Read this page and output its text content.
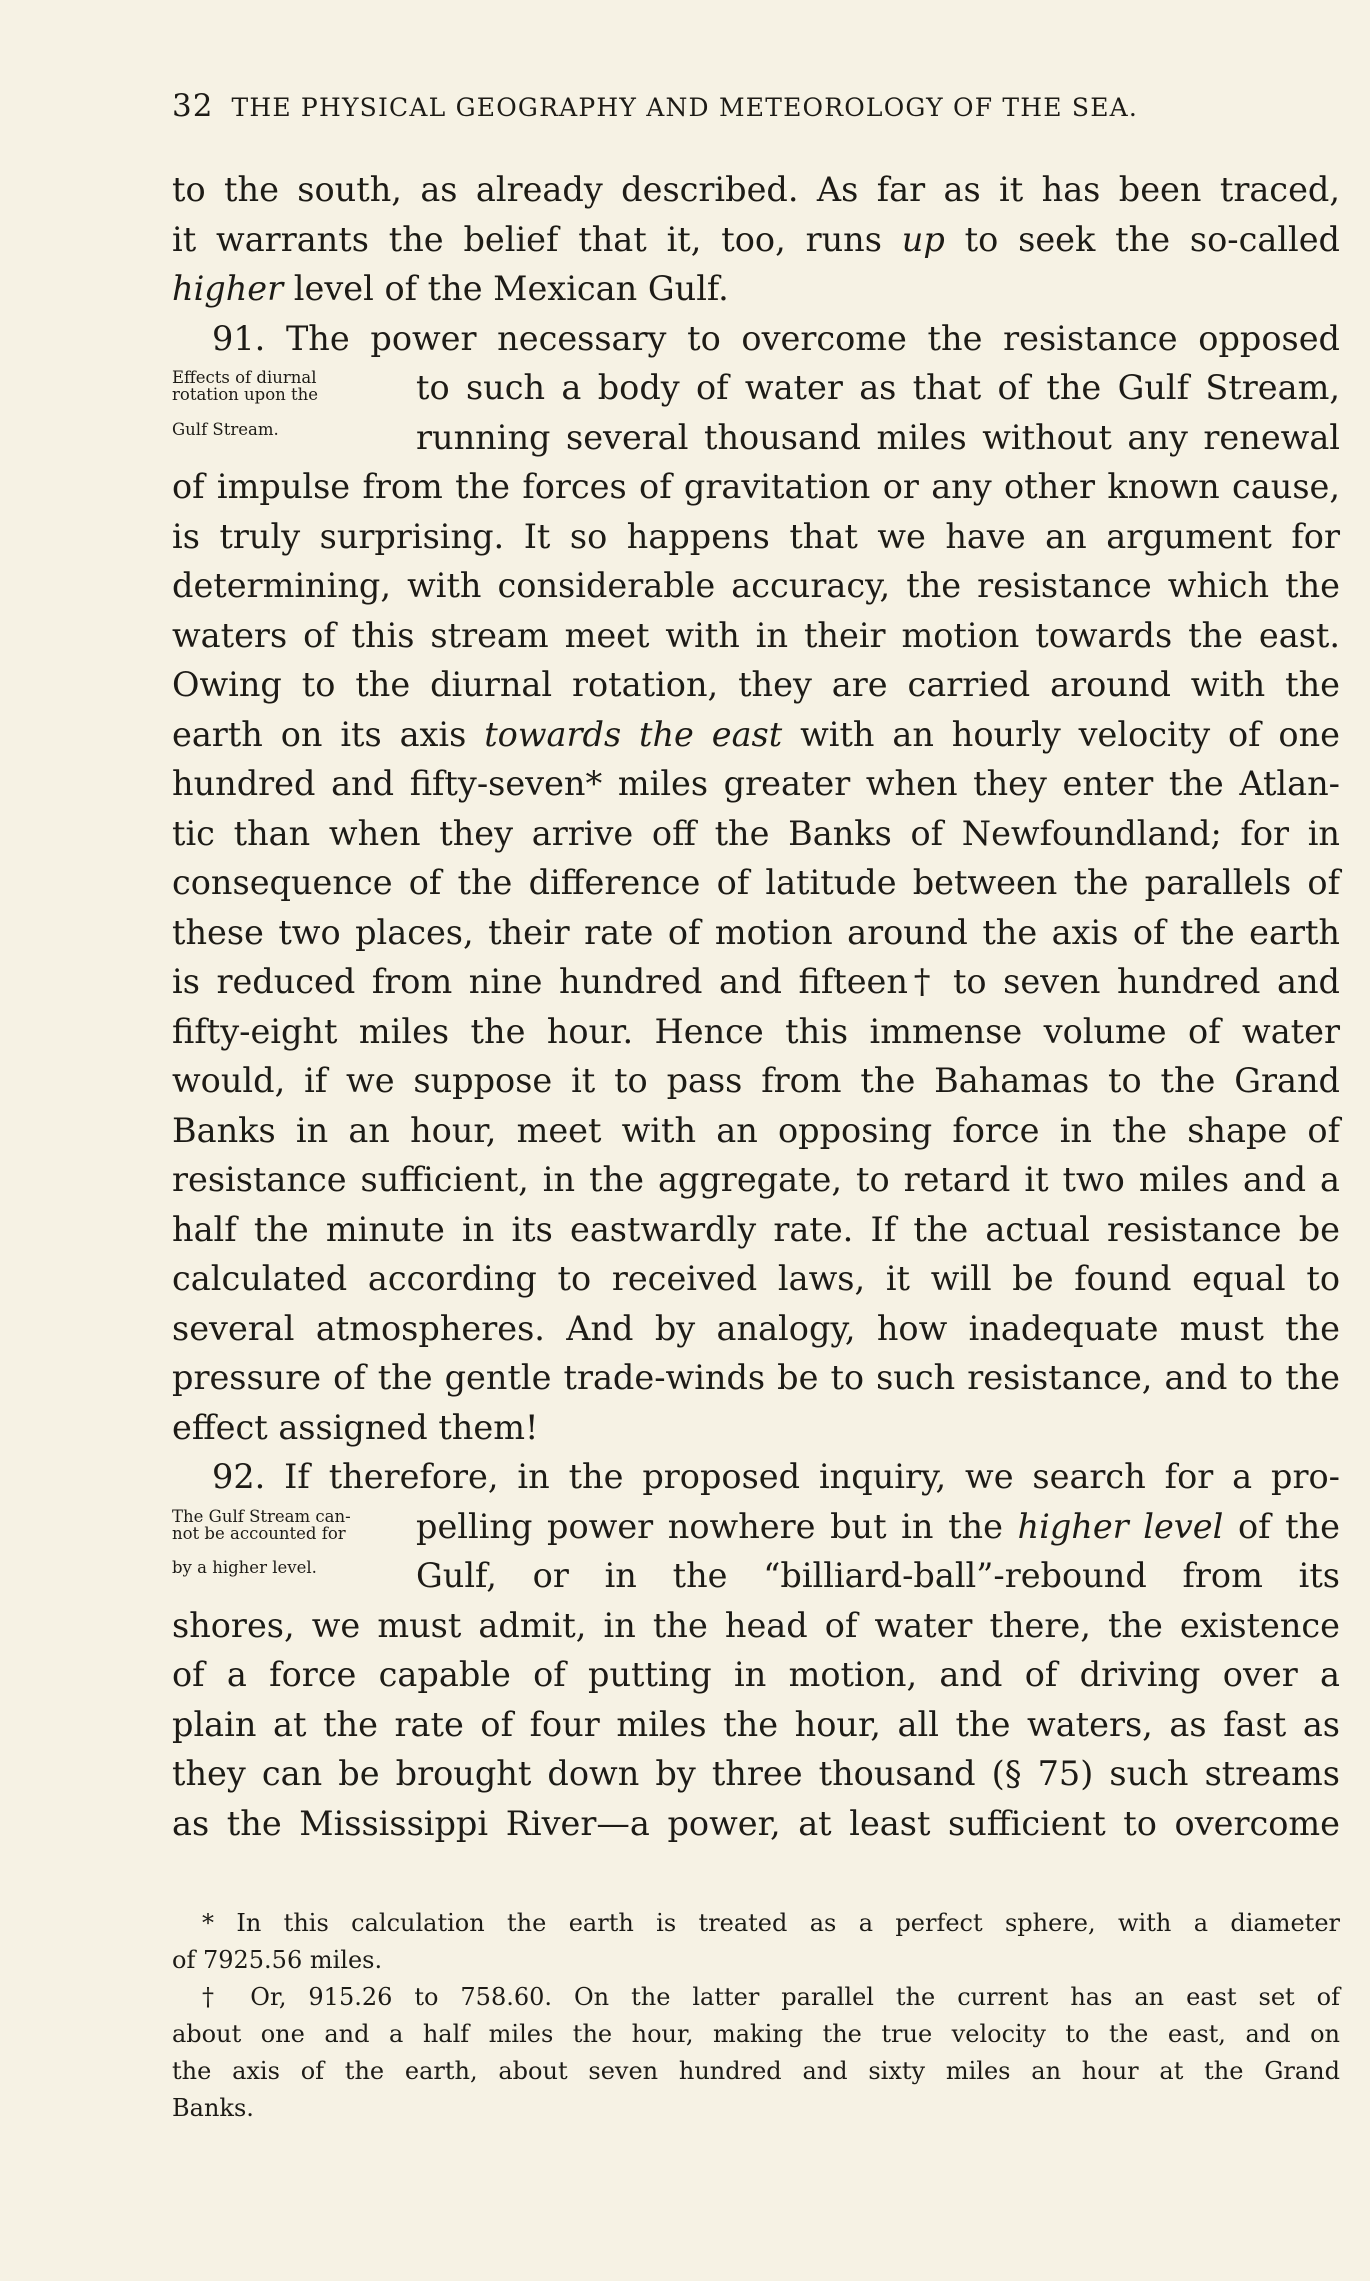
32 THE PHYSICAL GEOGRAPHY AND METEOROLOGY OF THE SEA.
to the south, as already described. As far as it has been traced,
it warrants the belief that it, too, runs up to seek the so-called
higher level of the Mexican Gulf.
91. The power necessary to overcome the resistance opposed
Effects of diurnal
rotation upon the	to such a body of water as that of the Gulf Stream,
Gulf Stream.	running several thousand miles without any renewal
of impulse from the forces of gravitation or any other known cause,
is truly surprising. It so happens that we have an argument for
determining, with considerable accuracy, the resistance which the
waters of this stream meet with in their motion towards the east.
Owing to the diurnal rotation, they are carried around with the
earth on its axis towards the east with an hourly velocity of one
hundred and fifty-seven* miles greater when they enter the Atlan-
tic than when they arrive off the Banks of Newfoundland; for in
consequence of the difference of latitude between the parallels of
these two places, their rate of motion around the axis of the earth
is reduced from nine hundred and fifteen† to seven hundred and
fifty-eight miles the hour. Hence this immense volume of water
would, if we suppose it to pass from the Bahamas to the Grand
Banks in an hour, meet with an opposing force in the shape of
resistance sufficient, in the aggregate, to retard it two miles and a
half the minute in its eastwardly rate. If the actual resistance be
calculated according to received laws, it will be found equal to
several atmospheres. And by analogy, how inadequate must the
pressure of the gentle trade-winds be to such resistance, and to the
effect assigned them!
92. If therefore, in the proposed inquiry, we search for a pro-
The Gulf Stream can-
not be accounted for	pelling power nowhere but in the higher level of the
by a higher level.	Gulf, or in the “billiard-ball”-rebound from its
shores, we must admit, in the head of water there, the existence
of a force capable of putting in motion, and of driving over a
plain at the rate of four miles the hour, all the waters, as fast as
they can be brought down by three thousand (§ 75) such streams
as the Mississippi River—a power, at least sufficient to overcome
* In this calculation the earth is treated as a perfect sphere, with a diameter
of 7925.56 miles.
† Or, 915.26 to 758.60. On the latter parallel the current has an east set of
about one and a half miles the hour, making the true velocity to the east, and on
the axis of the earth, about seven hundred and sixty miles an hour at the Grand
Banks.
